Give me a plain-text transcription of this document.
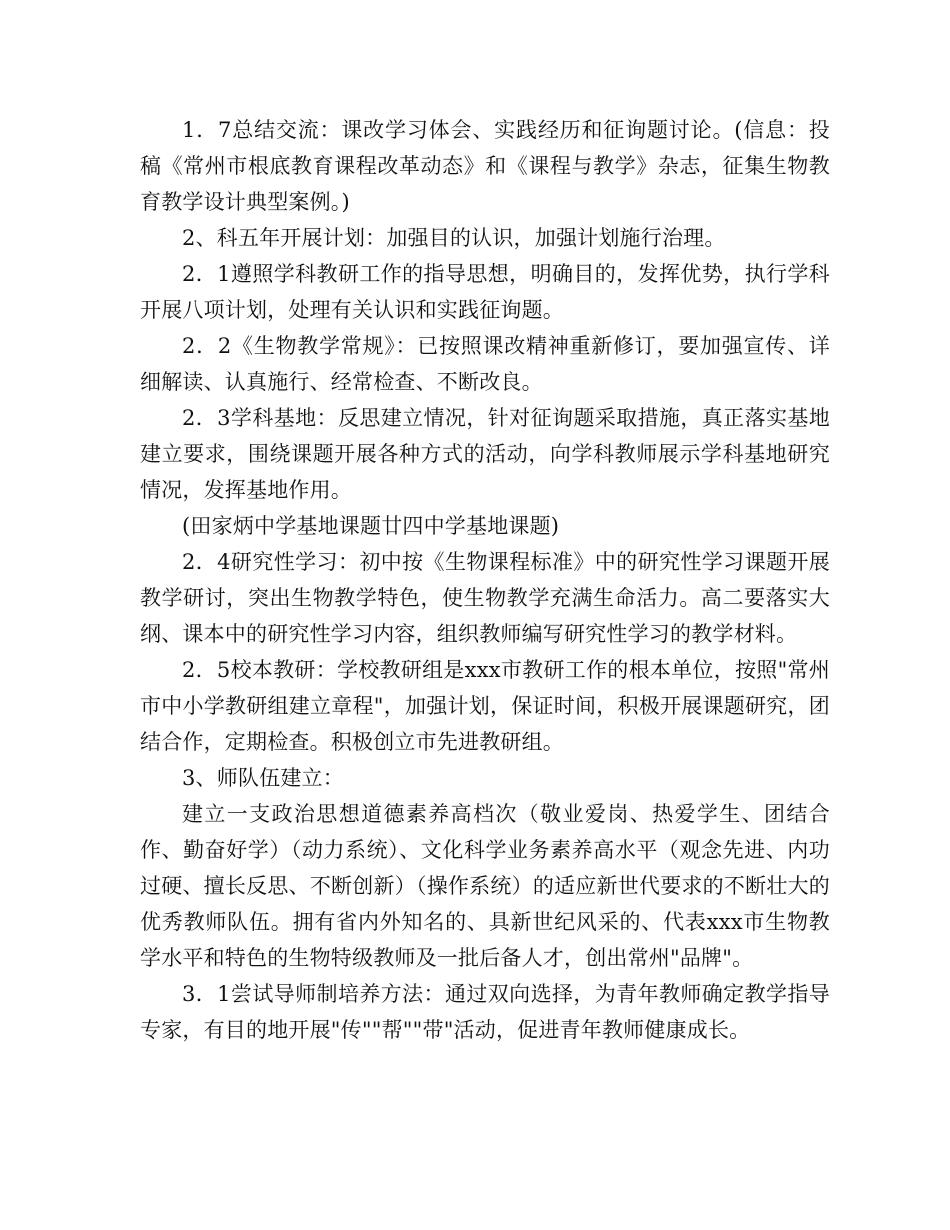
1．7总结交流：课改学习体会、实践经历和征询题讨论。(信息：投稿《常州市根底教育课程改革动态》和《课程与教学》杂志，征集生物教育教学设计典型案例。)

2、科五年开展计划：加强目的认识，加强计划施行治理。

2．1遵照学科教研工作的指导思想，明确目的，发挥优势，执行学科开展八项计划，处理有关认识和实践征询题。

2．2《生物教学常规》：已按照课改精神重新修订，要加强宣传、详细解读、认真施行、经常检查、不断改良。

2．3学科基地：反思建立情况，针对征询题采取措施，真正落实基地建立要求，围绕课题开展各种方式的活动，向学科教师展示学科基地研究情况，发挥基地作用。

(田家炳中学基地课题廿四中学基地课题)

2．4研究性学习：初中按《生物课程标准》中的研究性学习课题开展教学研讨，突出生物教学特色，使生物教学充满生命活力。高二要落实大纲、课本中的研究性学习内容，组织教师编写研究性学习的教学材料。

2．5校本教研：学校教研组是xxx市教研工作的根本单位，按照"常州市中小学教研组建立章程"，加强计划，保证时间，积极开展课题研究，团结合作，定期检查。积极创立市先进教研组。

3、师队伍建立：

建立一支政治思想道德素养高档次（敬业爱岗、热爱学生、团结合作、勤奋好学）（动力系统）、文化科学业务素养高水平（观念先进、内功过硬、擅长反思、不断创新）（操作系统）的适应新世代要求的不断壮大的优秀教师队伍。拥有省内外知名的、具新世纪风采的、代表xxx市生物教学水平和特色的生物特级教师及一批后备人才，创出常州"品牌"。

3．1尝试导师制培养方法：通过双向选择，为青年教师确定教学指导专家，有目的地开展"传""帮""带"活动，促进青年教师健康成长。
